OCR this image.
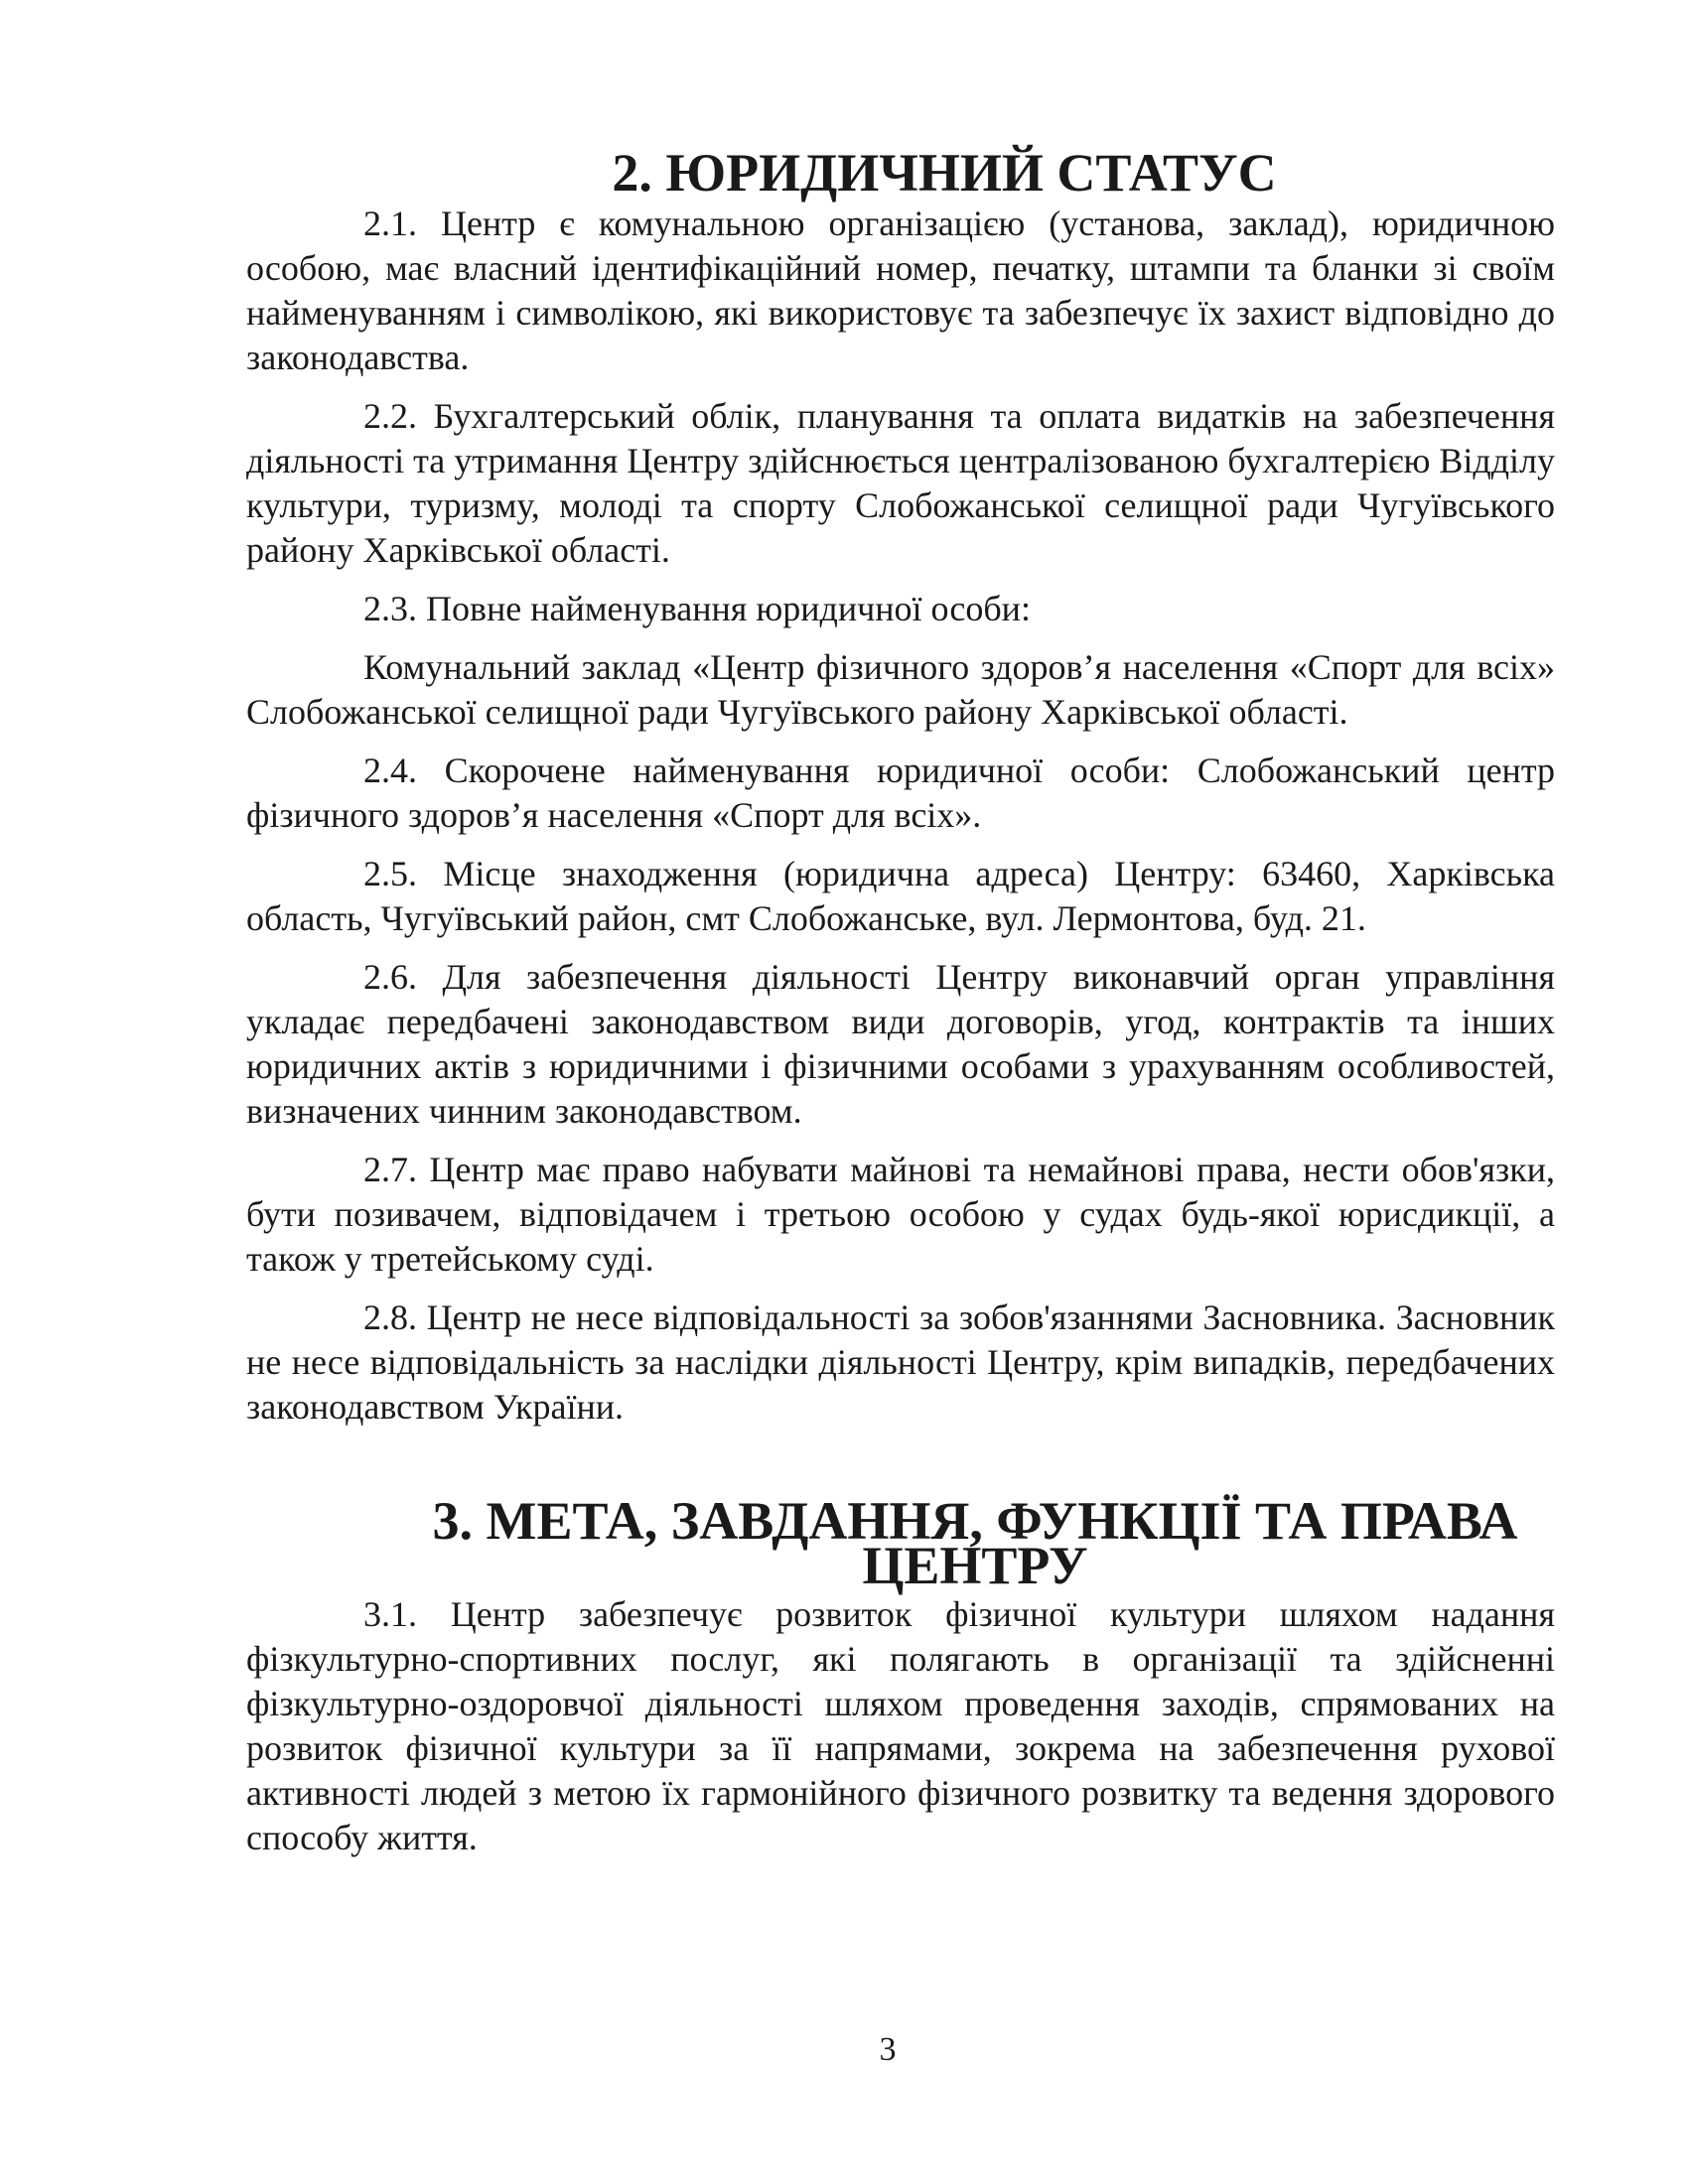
2. ЮРИДИЧНИЙ СТАТУС

2.1. Центр є комунальною організацією (установа, заклад), юридичною особою, має власний ідентифікаційний номер, печатку, штампи та бланки зі своїм найменуванням і символікою, які використовує та забезпечує їх захист відповідно до законодавства.

2.2. Бухгалтерський облік, планування та оплата видатків на забезпечення діяльності та утримання Центру здійснюється централізованою бухгалтерією Відділу культури, туризму, молоді та спорту Слобожанської селищної ради Чугуївського району Харківської області.

2.3. Повне найменування юридичної особи:

Комунальний заклад «Центр фізичного здоров’я населення «Спорт для всіх» Слобожанської селищної ради Чугуївського району Харківської області.

2.4. Скорочене найменування юридичної особи: Слобожанський центр фізичного здоров’я населення «Спорт для всіх».

2.5. Місце знаходження (юридична адреса) Центру: 63460, Харківська область, Чугуївський район, смт Слобожанське, вул. Лермонтова, буд. 21.

2.6. Для забезпечення діяльності Центру виконавчий орган управління укладає передбачені законодавством види договорів, угод, контрактів та інших юридичних актів з юридичними і фізичними особами з урахуванням особливостей, визначених чинним законодавством.

2.7. Центр має право набувати майнові та немайнові права, нести обов'язки, бути позивачем, відповідачем і третьою особою у судах будь-якої юрисдикції, а також у третейському суді.

2.8. Центр не несе відповідальності за зобов'язаннями Засновника. Засновник не несе відповідальність за наслідки діяльності Центру, крім випадків, передбачених законодавством України.

3. МЕТА, ЗАВДАННЯ, ФУНКЦІЇ ТА ПРАВА ЦЕНТРУ

3.1. Центр забезпечує розвиток фізичної культури шляхом надання фізкультурно-спортивних послуг, які полягають в організації та здійсненні фізкультурно-оздоровчої діяльності шляхом проведення заходів, спрямованих на розвиток фізичної культури за її напрямами, зокрема на забезпечення рухової активності людей з метою їх гармонійного фізичного розвитку та ведення здорового способу життя.

3
